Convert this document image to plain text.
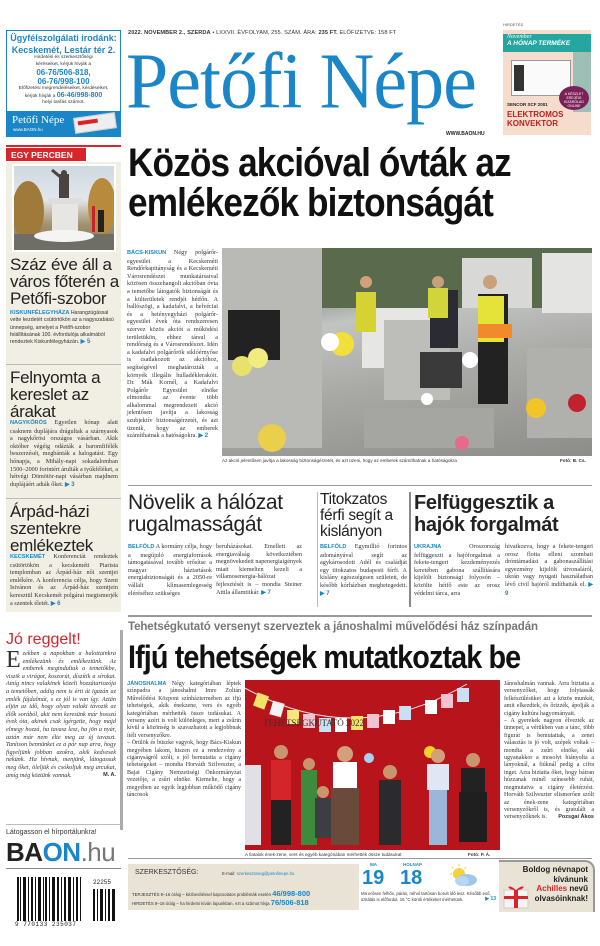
Ügyfélszolgálati irodánk:
Kecskemét, Lestár tér 2.
Hirdetési és szerkesztőségi
kéréseiket, kérjük hívják a
06-76/506-818,
06-76/998-100
Előfizetési megrendeléseiket, kérdéseiket,
kérjük hívják a 06-46/998-800
helyi tarifás számot.
Petőfi Népe
www.BAON.hu
2022. NOVEMBER 2., SZERDA • LXXVII. ÉVFOLYAM, 255. SZÁM. ÁRA: 235 FT. ELŐFIZETVE: 158 FT
Petőfi Népe
WWW.BAON.HU
HIRDETÉS
November
A HÓNAP TERMÉKE
A KÉSZLET EREJÉIG KIZÁRÓLAG ONLINE
SENCOR SCF 2001
ELEKTROMOS
KONVEKTOR
EGY PERCBEN
Száz éve áll a város főterén a Petőfi-szobor
KISKUNFÉLEGYHÁZA Harangzúgással vette kezdetét csütörtökön az a nagyszabású ünnepség, amelyet a Petőfi-szobor felállításának 100. évfordulója alkalmából rendeztek Kiskunfélegyházán. ▶ 5
Felnyomta a kereslet az árakat
NAGYKŐRÖS Egyetlen hónap alatt csaknem duplájára drágultak a szárnyasok a nagykőrösi országos vásárban. Akik október végéig odázták a baromfifélék beszerzését, megbánták a halogatást. Egy hónapja, a Mihály-napi sokadalomban 1500–2000 forintért árulták a tyúkféléket, a hétvégi Dömötör-napi vásárban majdnem duplájáért adták őket. ▶ 3
Árpád-házi szentekre emlékeztek
KECSKEMÉT Konferenciát rendeztek csütörtökön a kecskeméti Piarista templomban az Árpád-ház női szentjei emlékére. A konferencia célja, hogy Szent Istvánon és az Árpád-ház szentjein keresztül Kecskemét polgárai megismerjék a szentek életét. ▶ 6
Jó reggelt!
Ezekben a napokban a halottainkra emlékezünk és emlékeztünk. Az emberek megindultak a temetőkbe, viszik a virágot, koszorút, díszítik a sírokat. Amíg nincs valakinek közeli hozzátartozója a temetőben, addig nem is érti át igazán az emlék fájdalmát, s ez jól is van így. Aztán eljön az idő, hogy olyan valaki távozik az élők sorából, akit nem keresünk már hosszú évek óta, akinek csak ígérgette, hogy majd elmegy hozzá, ha tavasz lesz, ha jön a nyár, aztán már nem élte meg az új tavaszt. Tanítson bennünket ez a pár nap arra, hogy figyeljünk jobban azokra, akik kedvesek nekünk. Ha hívnak, menjünk, látogassuk meg őket, öleljük és csókoljuk meg arcukat, amíg még köztünk vannak.	M. A.
Látogasson el hírportálunkra!
BAON.hu
22255
9 770133 235037
Közös akcióval óvták az emlékezők biztonságát
BÁCS-KISKUN Négy polgárőr-egyesület a Kecskeméti Rendőrkapitányság és a Kecskeméti Városrendészet munkatársaival közösen összehangolt akcióban óvta a temetőbe látogatók biztonságát és a külterületek rendjét hétfőn. A ballószögi, a kadafalvi, a helvéciai és a hetényegyházi polgárőr-egyesület évek óta rendszeresen szervez közös akciót a működési területükön, ehhez társul a rendőrség és a Városrendészet. Idén a kadafalvi polgárőrök siklóérnyőse is csatlakozott az akcióhoz, segítségével meghatározták a környék illegális hulladéklerakóit. Dr. Mák Kornél, a Kadafalvi Polgárőr Egyesület elnöke elmondta: az évente több alkalommal megrendezett akció jelentősen javítja a lakosság szubjektív biztonságérzetét, és azt üzenik, hogy az emberek számíthatnak a hatóságokra. ▶ 2
Az akció jelentősen javítja a lakosság biztonságérzetét, és azt üzeni, hogy az emberek számíthatnak a hatóságokra	Fotó: B. Cs.
Növelik a hálózat rugalmasságát
BELFÖLD A kormány célja, hogy a megújuló energiaforrások támogatásával tovább erősítse a magyar háztartások energiabiztonságát és a 2050-re vállalt klímasemlegesség eléréséhez szükséges
beruházásokat. Emellett az energiaválság következtében megnövekedett napenergiaigények miatt kiemelten kezeli a villamosenergia-hálózat fejlesztését is – mondta Steiner Attila államtitkár. ▶ 7
Titokzatos férfi segít a kislányon
BELFÖLD Egymillió forintos adományával segít az agykárosodott Adél és családját egy titokzatos budapesti férfi. A kislány egészségesen született, de később kórházban megbetegedett. ▶ 7
Felfüggesztik a hajók forgalmát
UKRAJNA	Oroszország felfüggeszti a hajóforgalmat a fekete-tengeri kezdeményezés keretében gabona szállítására kijelölt biztonsági folyosón – közölte hétfő este az orosz védelmi tárca, arra
hivatkozva, hogy a fekete-tengeri orosz flotta elleni szombati dróntámadást a gabonaszállítási egyezmény kijelölt útvonaláról, ukrán vagy nyugati használatban lévő civil hajóról indíthatták el. ▶ 9
Tehetségkutató versenyt szerveztek a jánoshalmi művelődési ház színpadán
Ifjú tehetségek mutatkoztak be
JÁNOSHALMA Négy kategóriában léptek színpadra a jánoshalmi Imre Zoltán Művelődési Központ színháztermében az ifjú tehetségek, akik énekzene, vers és egyéb kategóriában mérhették össze tudásukat. A verseny azért is volt különleges, mert a zsűrin kívül a közönség is szavazhatott a legjobbnak ítélt versenyzőkre.
– Örülök és büszke vagyok, hogy Bács-Kiskun megyében lakom, hiszen ez a rendezvény a cigányságról szólt, s jól bemutatta a cigány tehetségeket – mondta Horváth Szilveszter, a Bajai Cigány Nemzetiségi Önkormányzat vezetője, a zsűri elnöke. Kiemelte, hogy a megyében az egyik legjobban működő cigány táncosok
TEHETSÉGKUTATÓ 2022
A fiatalok ének-zene, vers és egyéb kategóriában mérhették össze tudásukat	Fotó: P. Á.
Jánoshalmán vannak. Arra biztatta a versenyzőket, hogy folytassák felkészülésüket azt a közös munkát, amit elkezdtek, és őrizzék, ápolják a cigány kultúra hagyományait.
– A gyerekek nagyon élvezték az ünnepet, a vérükben van a tánc, több figurát is bemutattak, a zenei választás is jó volt, szépek voltak – mondta a zsűri elnöke, aki ugyanakkor a mosolyt hiányolta a lányoknál, a fiúknál pedig a cifra inget. Arra biztatta őket, hogy bátran húzzanak minél színesebb ruhát, megmutatva a cigány életérzést. Horváth Szilveszter elismerően szólt az ének-zene kategóriában versenyzőkről is, és gratulált a versenyzőknek is. Pozsgai Ákos
SZERKESZTŐSÉG:	E-mail: szerkesztoseg@petofinepe.hu
TERJESZTÉS 8–16 óráig – kézbesítéssel kapcsolatos problémák esetén 46/998-800
HIRDETÉS 8–16 óráig – ha hirdetni kíván lapunkban, ezt a számot hívja 76/506-818
MA
19
HOLNAP
18
Ma erősen felhős, párás, néhol tartósan borult idő lesz. Később eső, szitálás is előfordul. 16 °C körüli értékeket mérhetünk.	▶ 13
Boldog névnapot
kívánunk
Achilles nevű
olvasóinknak!
